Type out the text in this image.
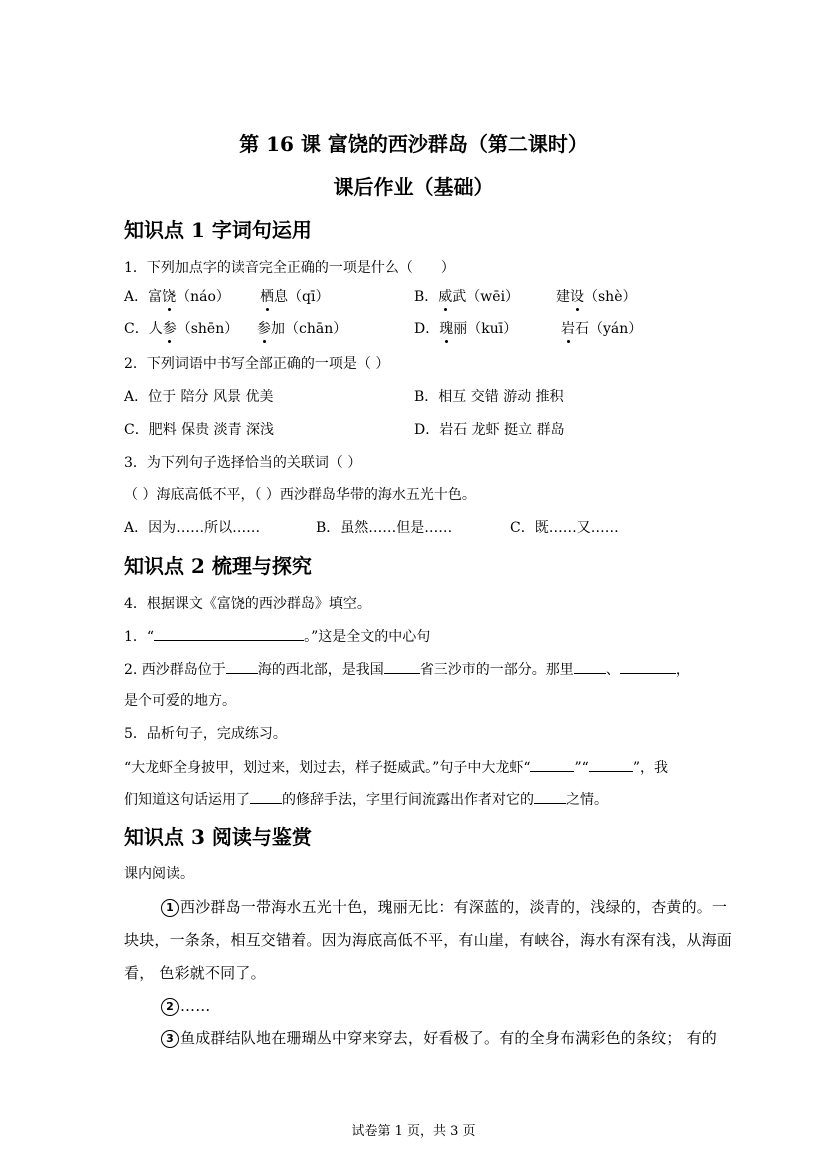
第 16 课 富饶的西沙群岛（第二课时）
课后作业（基础）
知识点 1 字词句运用
1．下列加点字的读音完全正确的一项是什么（　　）
A．富饶（náo） 栖息（qī）	B．威武（wēi）	建设（shè）
C．人参（shēn） 参加（chān）	D．瑰丽（kuī）	岩石（yán）
2．下列词语中书写全部正确的一项是（ ）
A．位于 陪分 风景 优美	B．相互 交错 游动 推积
C．肥料 保贵 淡青 深浅	D．岩石 龙虾 挺立 群岛
3．为下列句子选择恰当的关联词（ ）
（ ）海底高低不平，（ ）西沙群岛华带的海水五光十色。
A．因为……所以……	B．虽然……但是……	C．既……又……
知识点 2 梳理与探究
4．根据课文《富饶的西沙群岛》填空。
1．“	。”这是全文的中心句
2. 西沙群岛位于 海的西北部，是我国	省三沙市的一部分。那里 、	，
是个可爱的地方。
5．品析句子，完成练习。
“大龙虾全身披甲，划过来，划过去，样子挺威武。”句子中大龙虾“	”“	”，我
们知道这句话运用了 的修辞手法，字里行间流露出作者对它的 之情。
知识点 3 阅读与鉴赏
课内阅读。
1 西沙群岛一带海水五光十色，瑰丽无比：有深蓝的，淡青的，浅绿的，杏黄的。一
块块，一条条，相互交错着。因为海底高低不平，有山崖，有峡谷，海水有深有浅，从海面
看， 色彩就不同了。
2 ……
3 鱼成群结队地在珊瑚丛中穿来穿去，好看极了。有的全身布满彩色的条纹； 有的
试卷第 1 页，共 3 页
